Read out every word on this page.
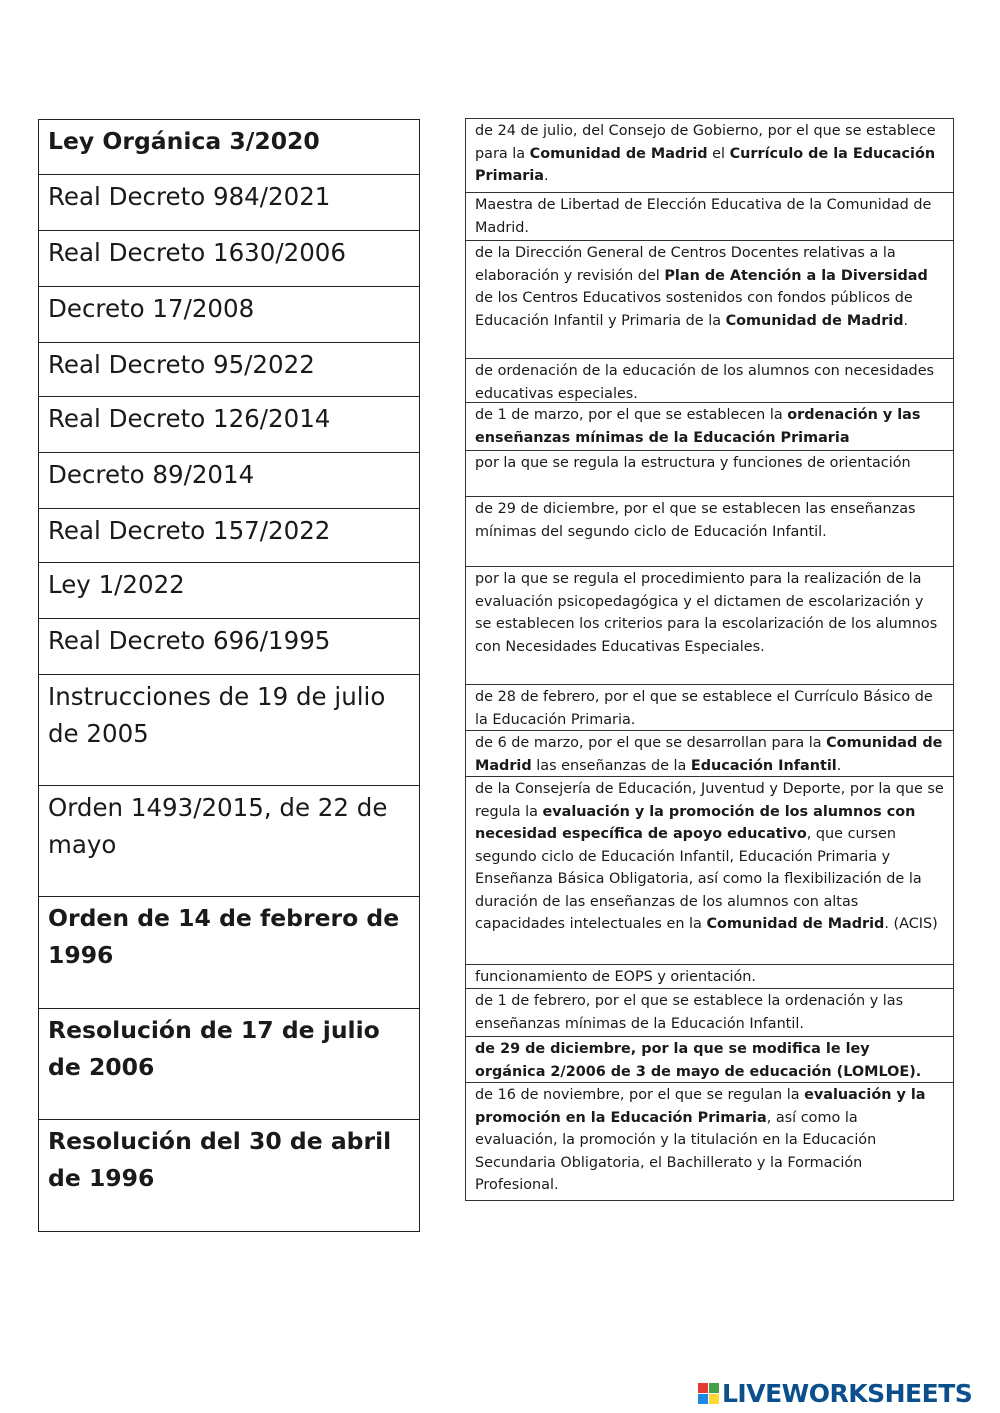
Ley Orgánica 3/2020
Real Decreto 984/2021
Real Decreto 1630/2006
Decreto 17/2008
Real Decreto 95/2022
Real Decreto 126/2014
Decreto 89/2014
Real Decreto 157/2022
Ley 1/2022
Real Decreto 696/1995
Instrucciones de 19 de julio de 2005
Orden 1493/2015, de 22 de mayo
Orden de 14 de febrero de 1996
Resolución de 17 de julio de 2006
Resolución del 30 de abril de 1996
de 24 de julio, del Consejo de Gobierno, por el que se establece para la Comunidad de Madrid el Currículo de la Educación Primaria.
Maestra de Libertad de Elección Educativa de la Comunidad de Madrid.
de la Dirección General de Centros Docentes relativas a la elaboración y revisión del Plan de Atención a la Diversidad de los Centros Educativos sostenidos con fondos públicos de Educación Infantil y Primaria de la Comunidad de Madrid.
de ordenación de la educación de los alumnos con necesidades educativas especiales.
de 1 de marzo, por el que se establecen la ordenación y las enseñanzas mínimas de la Educación Primaria
por la que se regula la estructura y funciones de orientación
de 29 de diciembre, por el que se establecen las enseñanzas mínimas del segundo ciclo de Educación Infantil.
por la que se regula el procedimiento para la realización de la evaluación psicopedagógica y el dictamen de escolarización y se establecen los criterios para la escolarización de los alumnos con Necesidades Educativas Especiales.
de 28 de febrero, por el que se establece el Currículo Básico de la Educación Primaria.
de 6 de marzo, por el que se desarrollan para la Comunidad de Madrid las enseñanzas de la Educación Infantil.
de la Consejería de Educación, Juventud y Deporte, por la que se regula la evaluación y la promoción de los alumnos con necesidad específica de apoyo educativo, que cursen segundo ciclo de Educación Infantil, Educación Primaria y Enseñanza Básica Obligatoria, así como la flexibilización de la duración de las enseñanzas de los alumnos con altas capacidades intelectuales en la Comunidad de Madrid. (ACIS)
funcionamiento de EOPS y orientación.
de 1 de febrero, por el que se establece la ordenación y las enseñanzas mínimas de la Educación Infantil.
de 29 de diciembre, por la que se modifica le ley orgánica 2/2006 de 3 de mayo de educación (LOMLOE).
de 16 de noviembre, por el que se regulan la evaluación y la promoción en la Educación Primaria, así como la evaluación, la promoción y la titulación en la Educación Secundaria Obligatoria, el Bachillerato y la Formación Profesional.
LIVEWORKSHEETS
